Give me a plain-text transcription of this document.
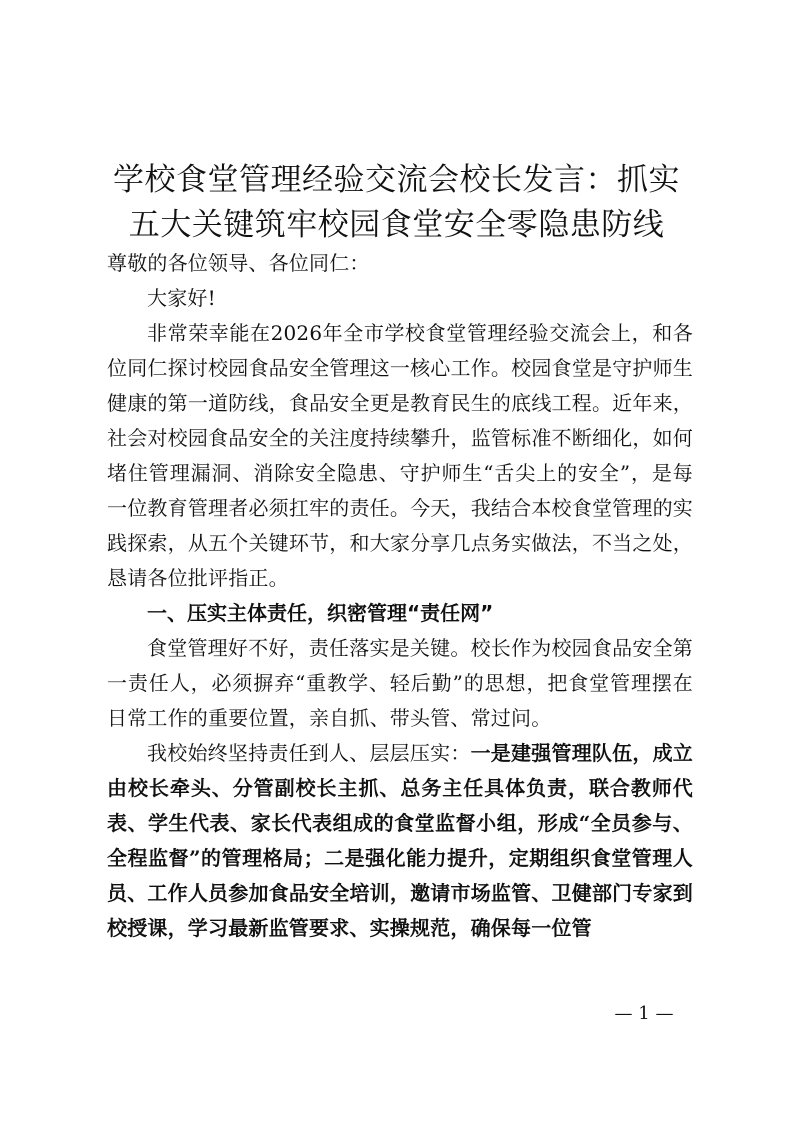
学校食堂管理经验交流会校长发言：抓实
五大关键筑牢校园食堂安全零隐患防线

尊敬的各位领导、各位同仁：

大家好!

非常荣幸能在2026年全市学校食堂管理经验交流会上，和各位同仁探讨校园食品安全管理这一核心工作。校园食堂是守护师生健康的第一道防线，食品安全更是教育民生的底线工程。近年来，社会对校园食品安全的关注度持续攀升，监管标准不断细化，如何堵住管理漏洞、消除安全隐患、守护师生“舌尖上的安全”，是每一位教育管理者必须扛牢的责任。今天，我结合本校食堂管理的实践探索，从五个关键环节，和大家分享几点务实做法，不当之处，恳请各位批评指正。

一、压实主体责任，织密管理“责任网”

食堂管理好不好，责任落实是关键。校长作为校园食品安全第一责任人，必须摒弃“重教学、轻后勤”的思想，把食堂管理摆在日常工作的重要位置，亲自抓、带头管、常过问。

我校始终坚持责任到人、层层压实：一是建强管理队伍，成立由校长牵头、分管副校长主抓、总务主任具体负责，联合教师代表、学生代表、家长代表组成的食堂监督小组，形成“全员参与、全程监督”的管理格局；二是强化能力提升，定期组织食堂管理人员、工作人员参加食品安全培训，邀请市场监管、卫健部门专家到校授课，学习最新监管要求、实操规范，确保每一位管

— 1 —
